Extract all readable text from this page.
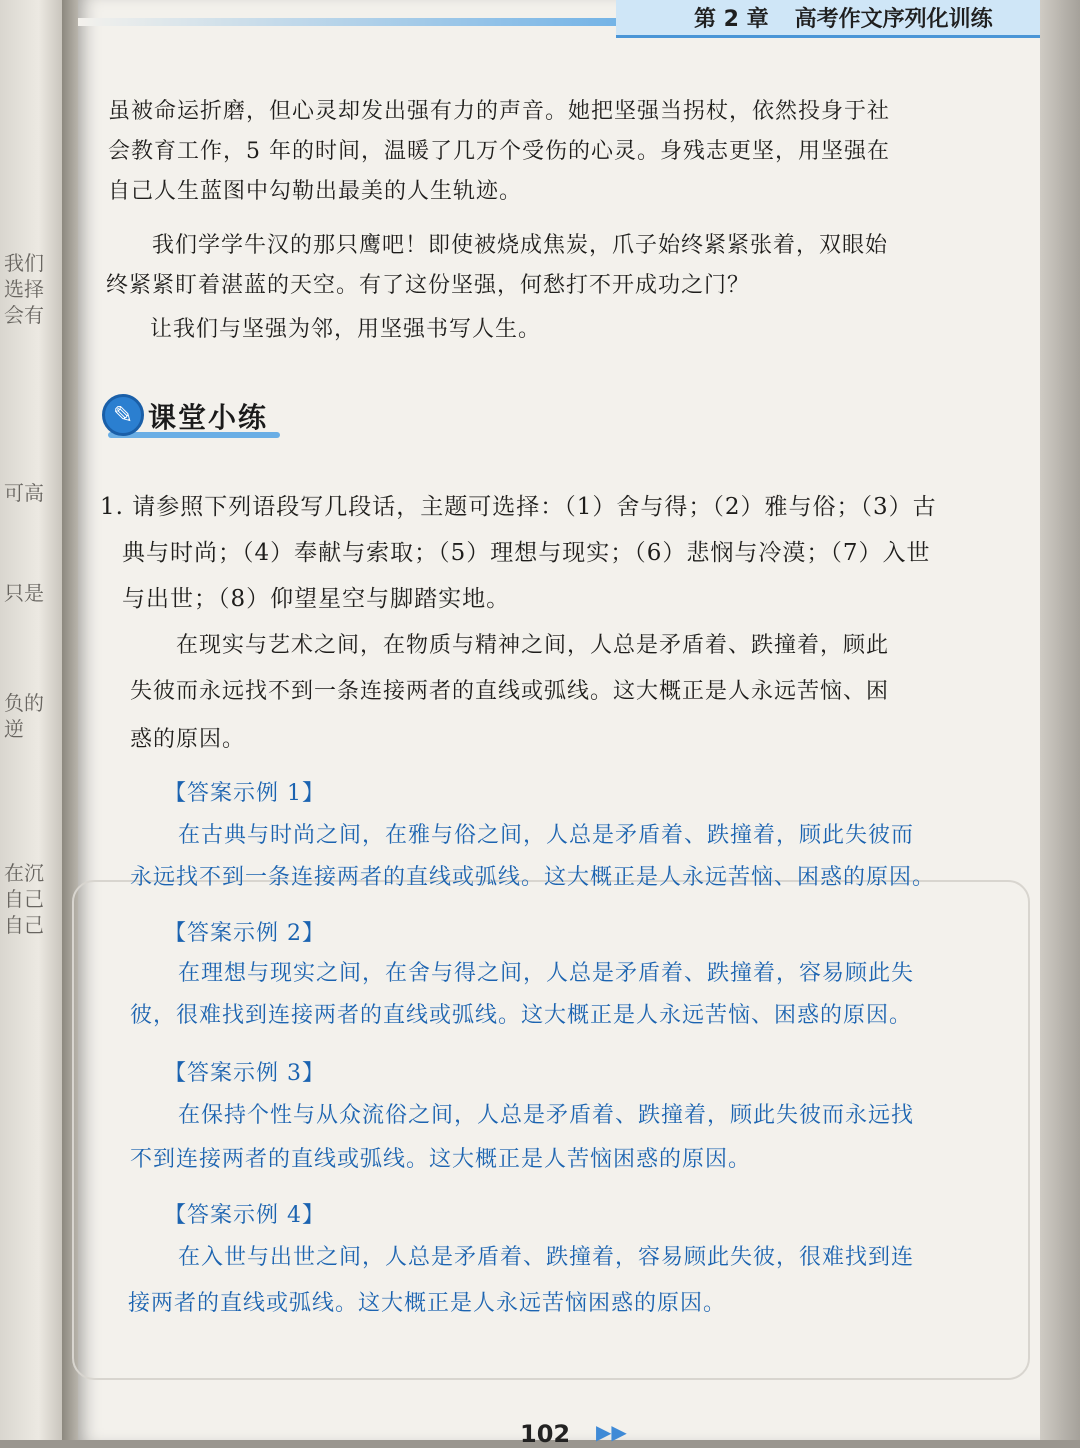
我们
选择
会有
可高
只是
负的
逆
在沉
自己
自己
第 2 章 高考作文序列化训练
虽被命运折磨，但心灵却发出强有力的声音。她把坚强当拐杖，依然投身于社
会教育工作，5 年的时间，温暖了几万个受伤的心灵。身残志更坚，用坚强在
自己人生蓝图中勾勒出最美的人生轨迹。
我们学学牛汉的那只鹰吧！即使被烧成焦炭，爪子始终紧紧张着，双眼始
终紧紧盯着湛蓝的天空。有了这份坚强，何愁打不开成功之门？
让我们与坚强为邻，用坚强书写人生。
✎ 课堂小练
1. 请参照下列语段写几段话，主题可选择：（1）舍与得；（2）雅与俗；（3）古
典与时尚；（4）奉献与索取；（5）理想与现实；（6）悲悯与冷漠；（7）入世
与出世；（8）仰望星空与脚踏实地。
在现实与艺术之间，在物质与精神之间，人总是矛盾着、跌撞着，顾此
失彼而永远找不到一条连接两者的直线或弧线。这大概正是人永远苦恼、困
惑的原因。
【答案示例 1】
在古典与时尚之间，在雅与俗之间，人总是矛盾着、跌撞着，顾此失彼而
永远找不到一条连接两者的直线或弧线。这大概正是人永远苦恼、困惑的原因。
【答案示例 2】
在理想与现实之间，在舍与得之间，人总是矛盾着、跌撞着，容易顾此失
彼，很难找到连接两者的直线或弧线。这大概正是人永远苦恼、困惑的原因。
【答案示例 3】
在保持个性与从众流俗之间，人总是矛盾着、跌撞着，顾此失彼而永远找
不到连接两者的直线或弧线。这大概正是人苦恼困惑的原因。
【答案示例 4】
在入世与出世之间，人总是矛盾着、跌撞着，容易顾此失彼，很难找到连
接两者的直线或弧线。这大概正是人永远苦恼困惑的原因。
102 ▶▶
